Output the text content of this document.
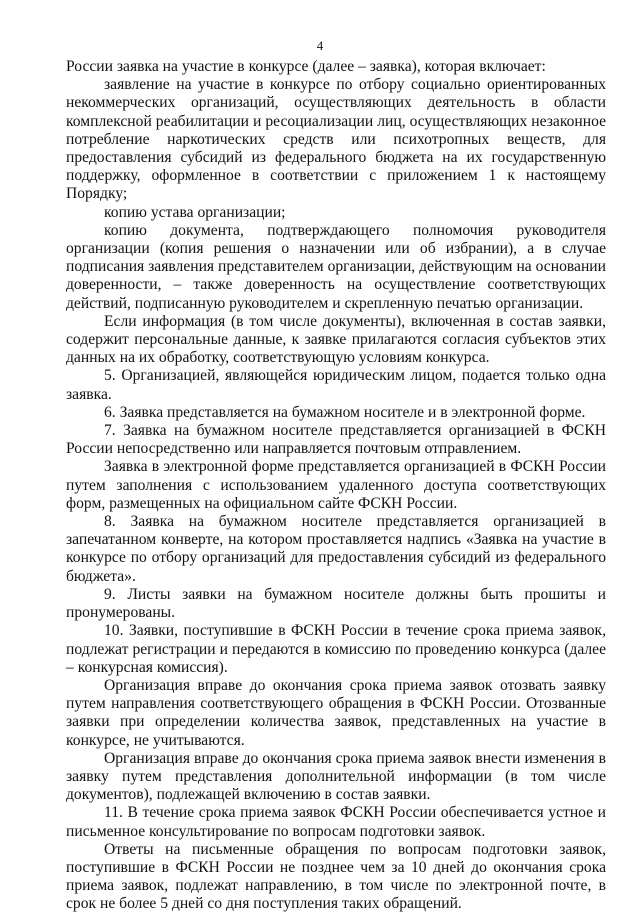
4

России заявка на участие в конкурсе (далее – заявка), которая включает:

заявление на участие в конкурсе по отбору социально ориентированных некоммерческих организаций, осуществляющих деятельность в области комплексной реабилитации и ресоциализации лиц, осуществляющих незаконное потребление наркотических средств или психотропных веществ, для предоставления субсидий из федерального бюджета на их государственную поддержку, оформленное в соответствии с приложением 1 к настоящему Порядку;

копию устава организации;

копию документа, подтверждающего полномочия руководителя организации (копия решения о назначении или об избрании), а в случае подписания заявления представителем организации, действующим на основании доверенности, – также доверенность на осуществление соответствующих действий, подписанную руководителем и скрепленную печатью организации.

Если информация (в том числе документы), включенная в состав заявки, содержит персональные данные, к заявке прилагаются согласия субъектов этих данных на их обработку, соответствующую условиям конкурса.

5. Организацией, являющейся юридическим лицом, подается только одна заявка.

6. Заявка представляется на бумажном носителе и в электронной форме.

7. Заявка на бумажном носителе представляется организацией в ФСКН России непосредственно или направляется почтовым отправлением.

Заявка в электронной форме представляется организацией в ФСКН России путем заполнения с использованием удаленного доступа соответствующих форм, размещенных на официальном сайте ФСКН России.

8. Заявка на бумажном носителе представляется организацией в запечатанном конверте, на котором проставляется надпись «Заявка на участие в конкурсе по отбору организаций для предоставления субсидий из федерального бюджета».

9. Листы заявки на бумажном носителе должны быть прошиты и пронумерованы.

10. Заявки, поступившие в ФСКН России в течение срока приема заявок, подлежат регистрации и передаются в комиссию по проведению конкурса (далее – конкурсная комиссия).

Организация вправе до окончания срока приема заявок отозвать заявку путем направления соответствующего обращения в ФСКН России. Отозванные заявки при определении количества заявок, представленных на участие в конкурсе, не учитываются.

Организация вправе до окончания срока приема заявок внести изменения в заявку путем представления дополнительной информации (в том числе документов), подлежащей включению в состав заявки.

11. В течение срока приема заявок ФСКН России обеспечивается устное и письменное консультирование по вопросам подготовки заявок.

Ответы на письменные обращения по вопросам подготовки заявок, поступившие в ФСКН России не позднее чем за 10 дней до окончания срока приема заявок, подлежат направлению, в том числе по электронной почте, в срок не более 5 дней со дня поступления таких обращений.
